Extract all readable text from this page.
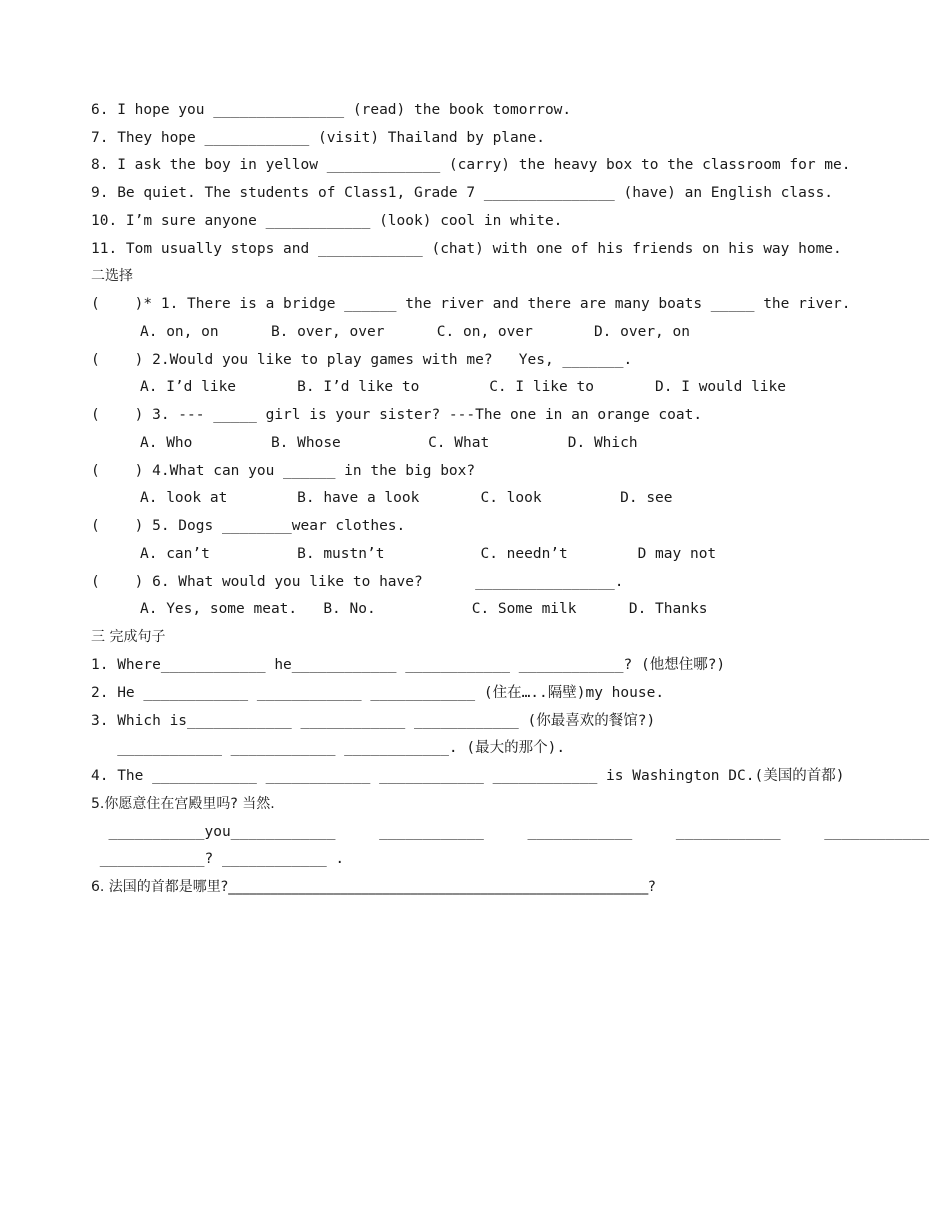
6. I hope you _______________ (read) the book tomorrow.
7. They hope ____________ (visit) Thailand by plane.
8. I ask the boy in yellow _____________ (carry) the heavy box to the classroom for me.
9. Be quiet. The students of Class1, Grade 7 _______________ (have) an English class.
10. I’m sure anyone ____________ (look) cool in white.
11. Tom usually stops and ____________ (chat) with one of his friends on his way home.
二选择
(    )* 1. There is a bridge ______ the river and there are many boats _____ the river.
A. on, on      B. over, over      C. on, over       D. over, on
(    ) 2.Would you like to play games with me?   Yes, _______.
A. I’d like       B. I’d like to        C. I like to       D. I would like
(    ) 3. --- _____ girl is your sister? ---The one in an orange coat.
A. Who         B. Whose          C. What         D. Which
(    ) 4.What can you ______ in the big box?
A. look at        B. have a look       C. look         D. see
(    ) 5. Dogs ________wear clothes.
A. can’t          B. mustn’t           C. needn’t        D may not
(    ) 6. What would you like to have?      ________________.
A. Yes, some meat.   B. No.           C. Some milk      D. Thanks
三 完成句子
1. Where____________ he____________ ____________ ____________? (他想住哪?)
2. He ____________ ____________ ____________ (住在…..隔壁)my house.
3. Which is____________ ____________ ____________ (你最喜欢的餐馆?)
____________ ____________ ____________. (最大的那个).
4. The ____________ ____________ ____________ ____________ is Washington DC.(美国的首都)
5.你愿意住在宫殿里吗? 当然.
___________you____________     ____________     ____________     ____________     ____________
____________? ____________ .
6. 法国的首都是哪里?____________________________________________________________?
